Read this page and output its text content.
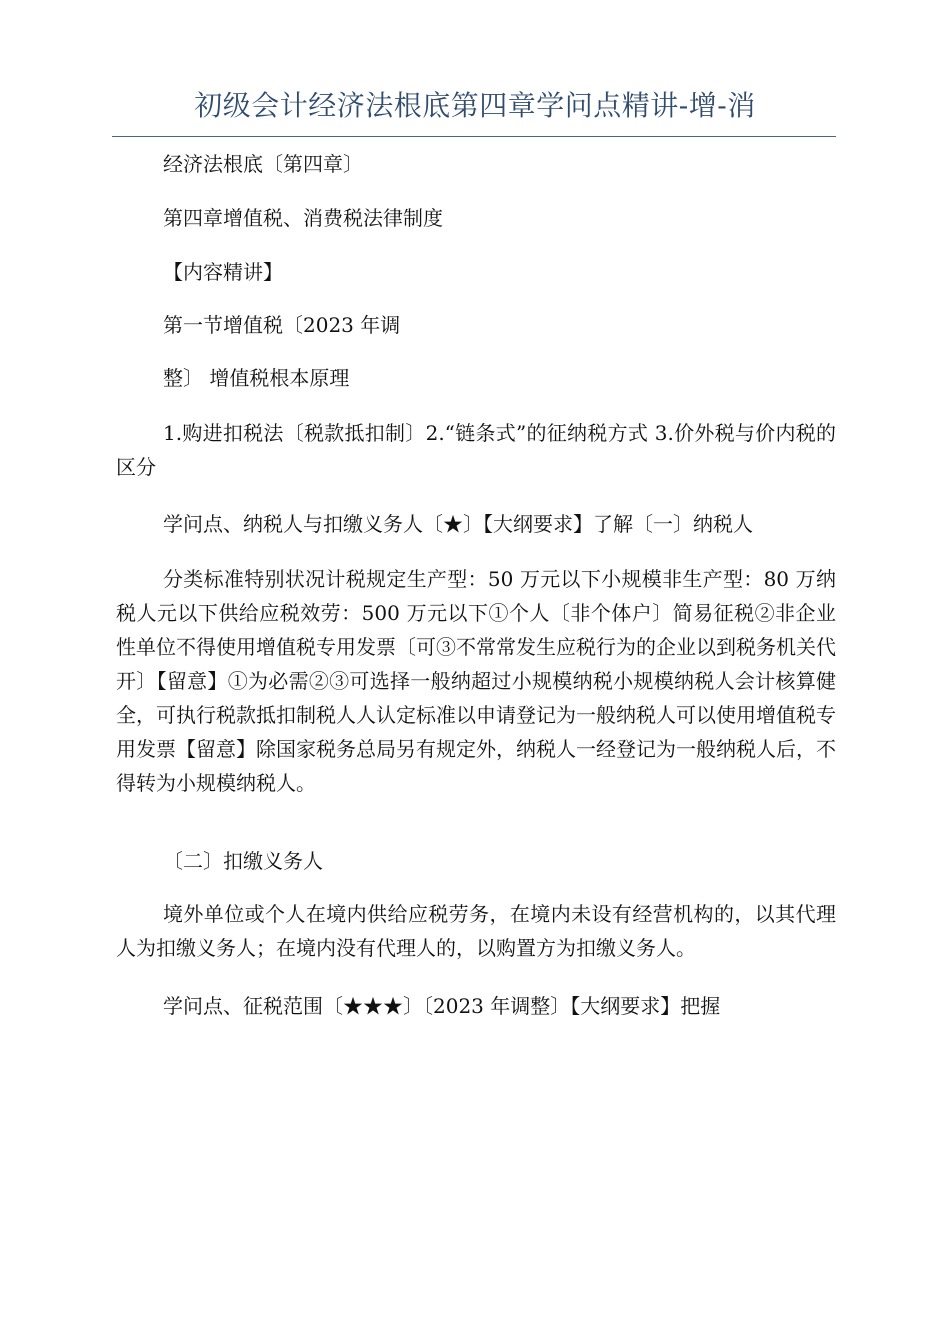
初级会计经济法根底第四章学问点精讲-增-消

经济法根底〔第四章〕

第四章增值税、消费税法律制度

【内容精讲】

第一节增值税〔2023 年调

整〕 增值税根本原理

1.购进扣税法〔税款抵扣制〕2.“链条式”的征纳税方式 3.价外税与价内税的区分

学问点、纳税人与扣缴义务人〔★〕【大纲要求】了解〔一〕纳税人

分类标准特别状况计税规定生产型：50 万元以下小规模非生产型：80 万纳税人元以下供给应税效劳：500 万元以下①个人〔非个体户〕简易征税②非企业性单位不得使用增值税专用发票〔可③不常常发生应税行为的企业以到税务机关代开〕【留意】①为必需②③可选择一般纳超过小规模纳税小规模纳税人会计核算健全，可执行税款抵扣制税人人认定标准以申请登记为一般纳税人可以使用增值税专用发票【留意】除国家税务总局另有规定外，纳税人一经登记为一般纳税人后，不得转为小规模纳税人。

〔二〕扣缴义务人

境外单位或个人在境内供给应税劳务，在境内未设有经营机构的，以其代理人为扣缴义务人；在境内没有代理人的，以购置方为扣缴义务人。

学问点、征税范围〔★★★〕〔2023 年调整〕【大纲要求】把握
